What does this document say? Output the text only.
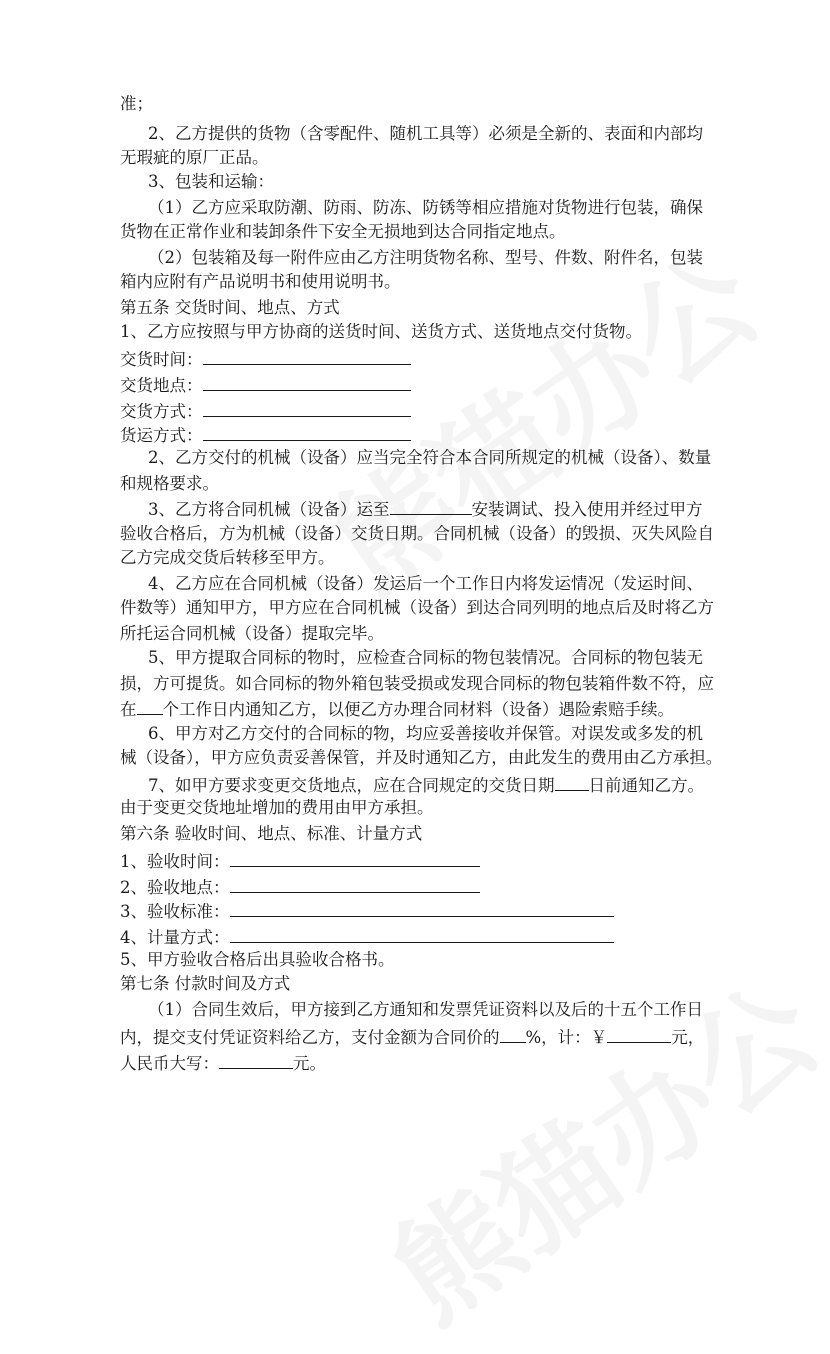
准；
2、乙方提供的货物（含零配件、随机工具等）必须是全新的、表面和内部均
无瑕疵的原厂正品。
3、包装和运输：
（1）乙方应采取防潮、防雨、防冻、防锈等相应措施对货物进行包装，确保
货物在正常作业和装卸条件下安全无损地到达合同指定地点。
（2）包装箱及每一附件应由乙方注明货物名称、型号、件数、附件名，包装
箱内应附有产品说明书和使用说明书。
第五条 交货时间、地点、方式
1、乙方应按照与甲方协商的送货时间、送货方式、送货地点交付货物。
交货时间：
交货地点：
交货方式：
货运方式：
2、乙方交付的机械（设备）应当完全符合本合同所规定的机械（设备）、数量
和规格要求。
3、乙方将合同机械（设备）运至	安装调试、投入使用并经过甲方
验收合格后，方为机械（设备）交货日期。合同机械（设备）的毁损、灭失风险自
乙方完成交货后转移至甲方。
4、乙方应在合同机械（设备）发运后一个工作日内将发运情况（发运时间、
件数等）通知甲方，甲方应在合同机械（设备）到达合同列明的地点后及时将乙方
所托运合同机械（设备）提取完毕。
5、甲方提取合同标的物时，应检查合同标的物包装情况。合同标的物包装无
损，方可提货。如合同标的物外箱包装受损或发现合同标的物包装箱件数不符，应
在 个工作日内通知乙方，以便乙方办理合同材料（设备）遇险索赔手续。
6、甲方对乙方交付的合同标的物，均应妥善接收并保管。对误发或多发的机
械（设备），甲方应负责妥善保管，并及时通知乙方，由此发生的费用由乙方承担。
7、如甲方要求变更交货地点，应在合同规定的交货日期 日前通知乙方。
由于变更交货地址增加的费用由甲方承担。
第六条 验收时间、地点、标准、计量方式
1、验收时间：
2、验收地点：
3、验收标准：
4、计量方式：
5、甲方验收合格后出具验收合格书。
第七条 付款时间及方式
（1）合同生效后，甲方接到乙方通知和发票凭证资料以及后的十五个工作日
内，提交支付凭证资料给乙方，支付金额为合同价的 %，计：￥	元，
人民币大写：	元。
